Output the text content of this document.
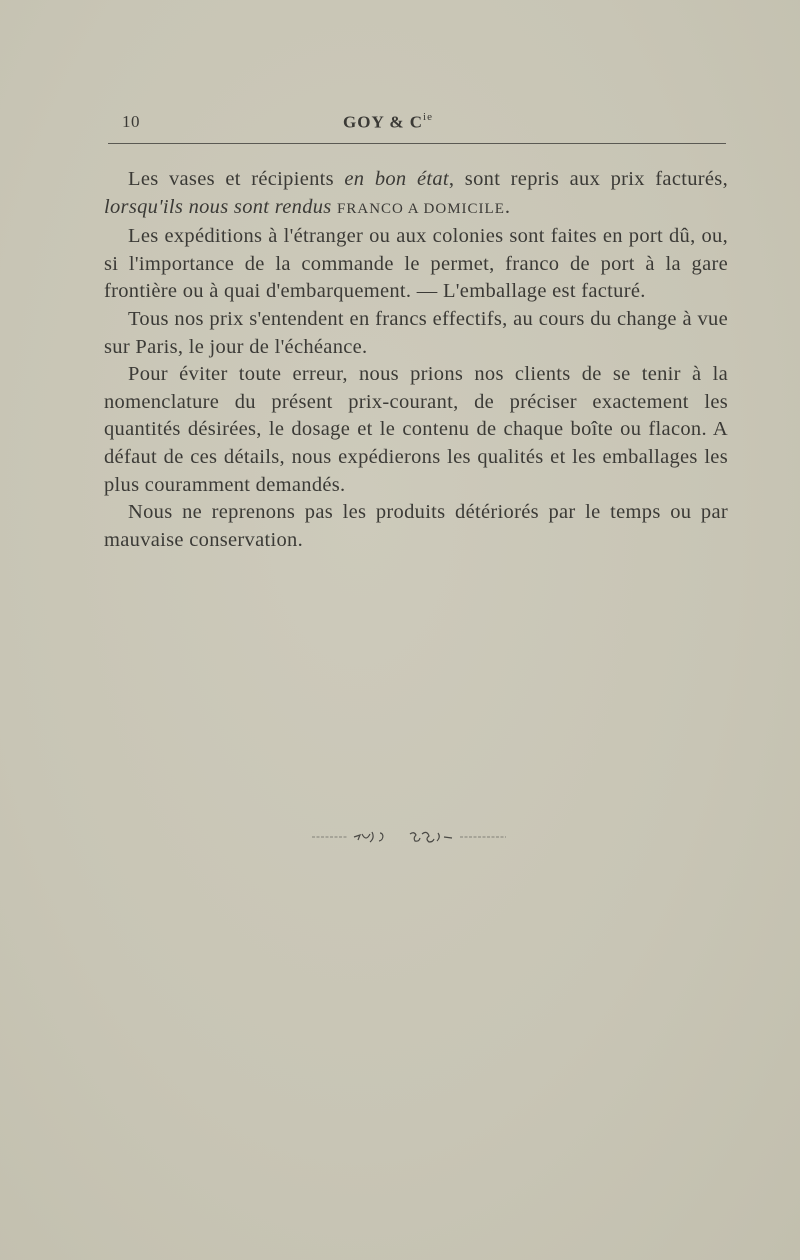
10	GOY & $C^{ie}$

Les vases et récipients en bon état, sont repris aux prix facturés, lorsqu'ils nous sont rendus FRANCO A DOMICILE.

Les expéditions à l'étranger ou aux colonies sont faites en port dû, ou, si l'importance de la commande le permet, franco de port à la gare frontière ou à quai d'embarquement. — L'emballage est facturé.

Tous nos prix s'entendent en francs effectifs, au cours du change à vue sur Paris, le jour de l'échéance.

Pour éviter toute erreur, nous prions nos clients de se tenir à la nomenclature du présent prix-courant, de préciser exactement les quantités désirées, le dosage et le contenu de chaque boîte ou flacon. A défaut de ces détails, nous expédierons les qualités et les emballages les plus couramment demandés.

Nous ne reprenons pas les produits détériorés par le temps ou par mauvaise conservation.
